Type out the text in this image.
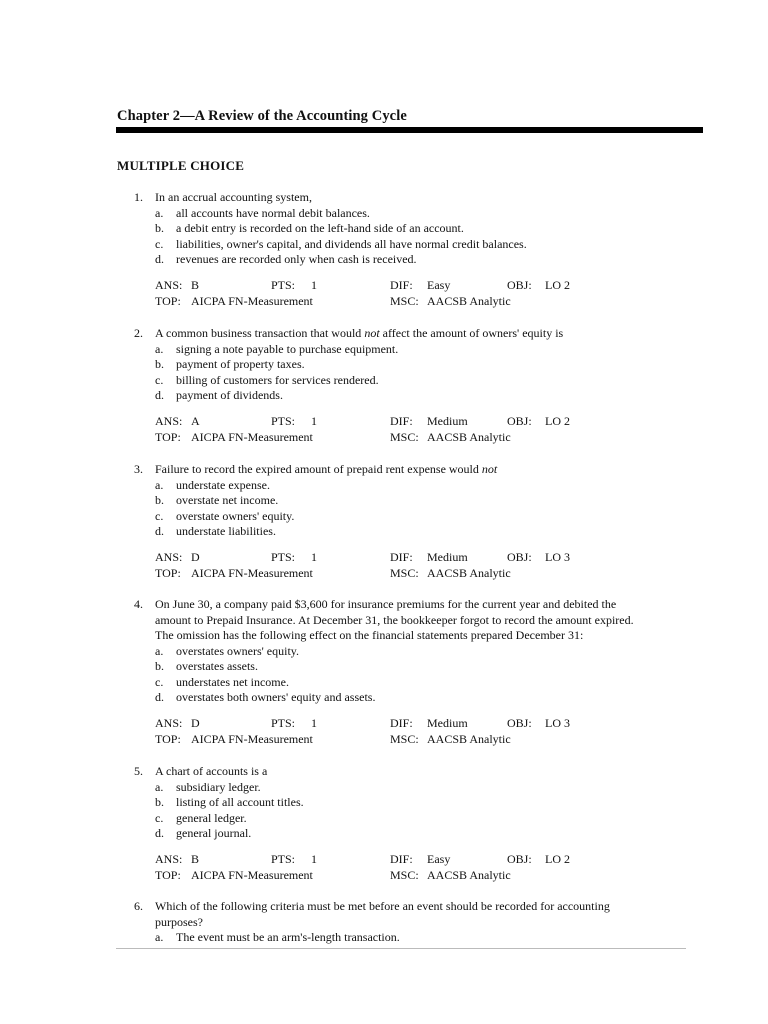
Chapter 2—A Review of the Accounting Cycle
MULTIPLE CHOICE
1. In an accrual accounting system,
a. all accounts have normal debit balances.
b. a debit entry is recorded on the left-hand side of an account.
c. liabilities, owner's capital, and dividends all have normal credit balances.
d. revenues are recorded only when cash is received.
ANS: B	PTS: 1	DIF: Easy	OBJ: LO 2
TOP: AICPA FN-Measurement	MSC: AACSB Analytic
2. A common business transaction that would not affect the amount of owners' equity is
a. signing a note payable to purchase equipment.
b. payment of property taxes.
c. billing of customers for services rendered.
d. payment of dividends.
ANS: A	PTS: 1	DIF: Medium	OBJ: LO 2
TOP: AICPA FN-Measurement	MSC: AACSB Analytic
3. Failure to record the expired amount of prepaid rent expense would not
a. understate expense.
b. overstate net income.
c. overstate owners' equity.
d. understate liabilities.
ANS: D	PTS: 1	DIF: Medium	OBJ: LO 3
TOP: AICPA FN-Measurement	MSC: AACSB Analytic
4. On June 30, a company paid $3,600 for insurance premiums for the current year and debited the
amount to Prepaid Insurance. At December 31, the bookkeeper forgot to record the amount expired.
The omission has the following effect on the financial statements prepared December 31:
a. overstates owners' equity.
b. overstates assets.
c. understates net income.
d. overstates both owners' equity and assets.
ANS: D	PTS: 1	DIF: Medium	OBJ: LO 3
TOP: AICPA FN-Measurement	MSC: AACSB Analytic
5. A chart of accounts is a
a. subsidiary ledger.
b. listing of all account titles.
c. general ledger.
d. general journal.
ANS: B	PTS: 1	DIF: Easy	OBJ: LO 2
TOP: AICPA FN-Measurement	MSC: AACSB Analytic
6. Which of the following criteria must be met before an event should be recorded for accounting
purposes?
a. The event must be an arm's-length transaction.
